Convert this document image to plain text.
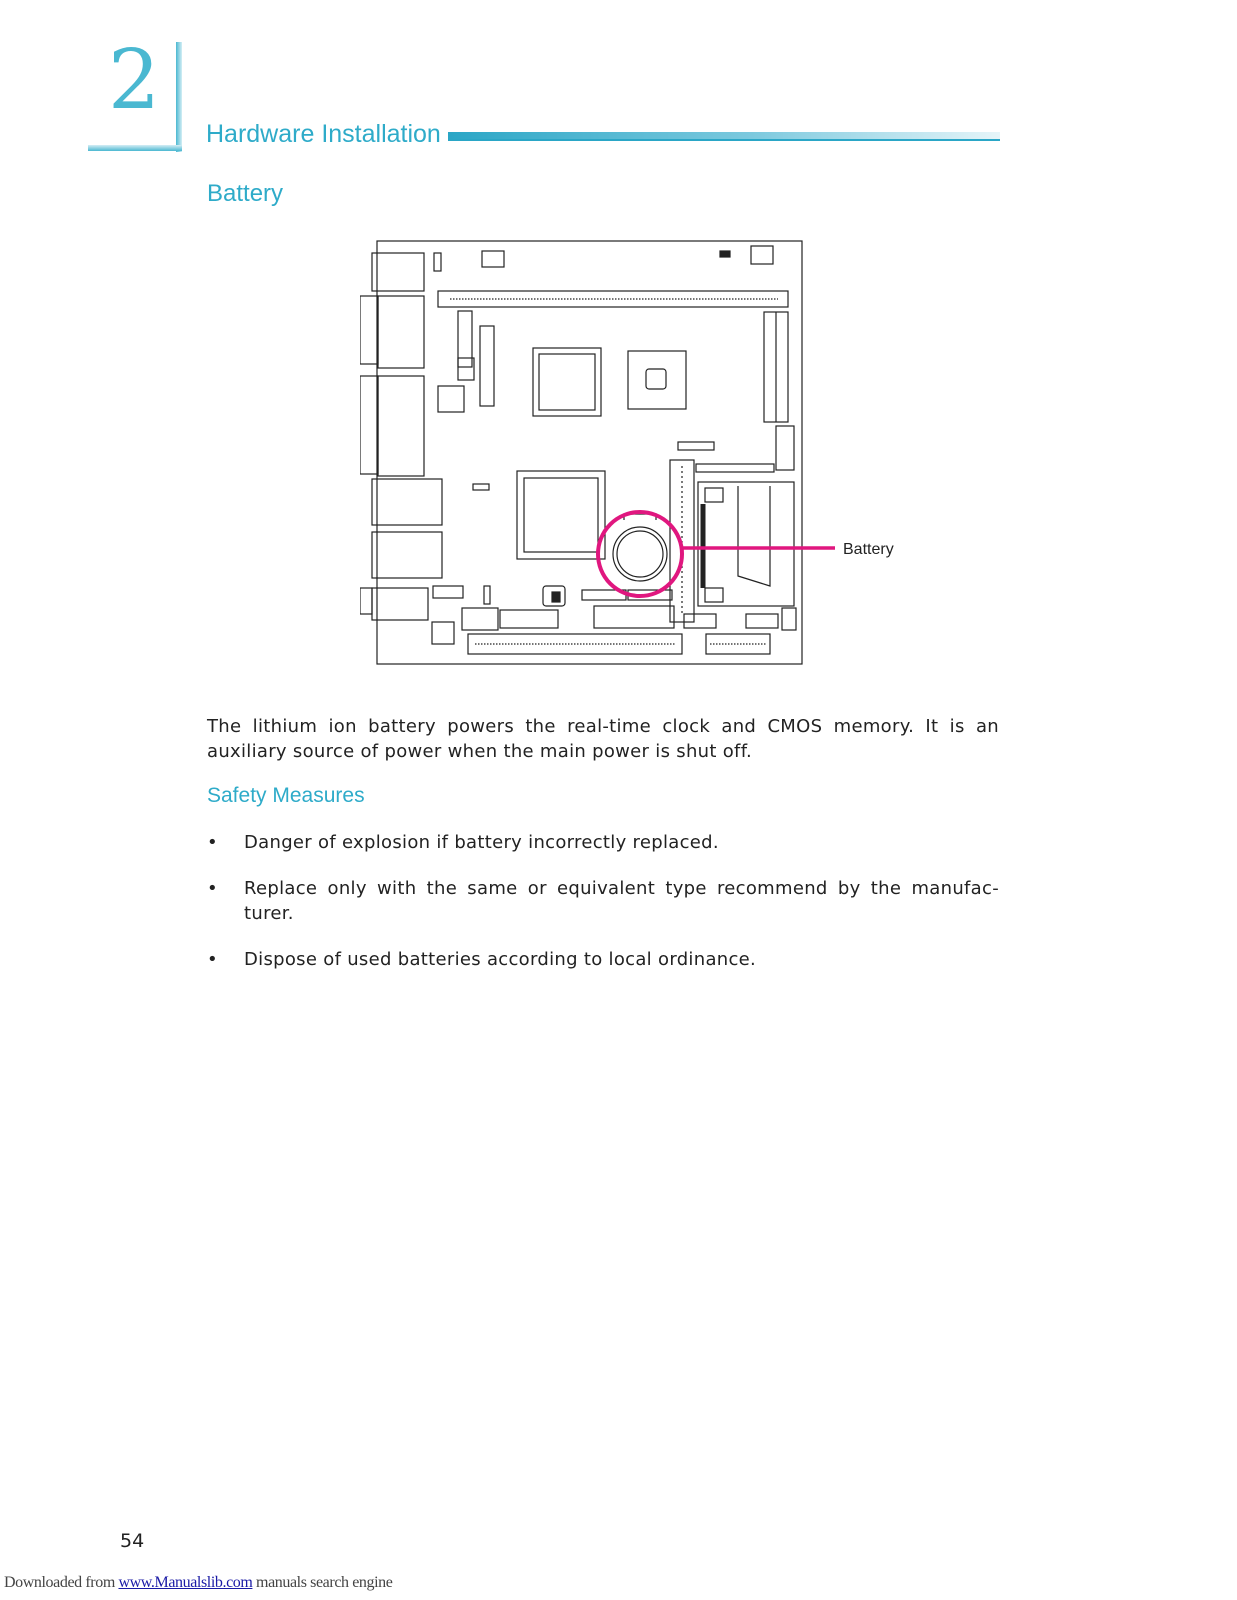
2
Hardware Installation
Battery
Battery

The lithium ion battery powers the real-time clock and CMOS memory. It is an auxiliary source of power when the main power is shut off.

Safety Measures
• Danger of explosion if battery incorrectly replaced.
• Replace only with the same or equivalent type recommend by the manufac-turer.
• Dispose of used batteries according to local ordinance.
54
Downloaded from www.Manualslib.com manuals search engine
